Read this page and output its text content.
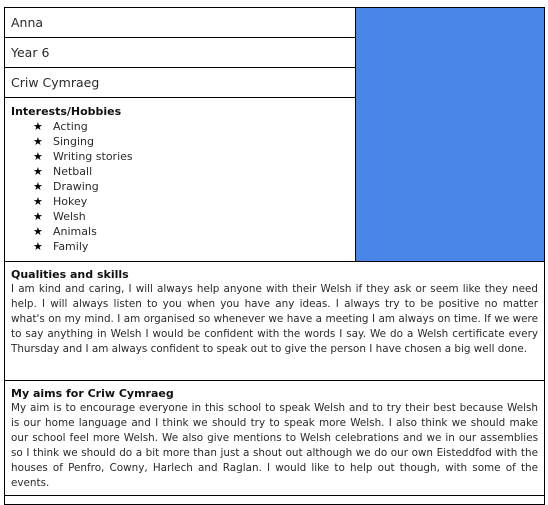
Anna

Year 6

Criw Cymraeg

Interests/Hobbies
★ Acting
★ Singing
★ Writing stories
★ Netball
★ Drawing
★ Hokey
★ Welsh
★ Animals
★ Family

Qualities and skills

I am kind and caring, I will always help anyone with their Welsh if they ask or seem like they need help. I will always listen to you when you have any ideas. I always try to be positive no matter what's on my mind. I am organised so whenever we have a meeting I am always on time. If we were to say anything in Welsh I would be confident with the words I say. We do a Welsh certificate every Thursday and I am always confident to speak out to give the person I have chosen a big well done.

My aims for Criw Cymraeg

My aim is to encourage everyone in this school to speak Welsh and to try their best because Welsh is our home language and I think we should try to speak more Welsh. I also think we should make our school feel more Welsh. We also give mentions to Welsh celebrations and we in our assemblies so I think we should do a bit more than just a shout out although we do our own Eisteddfod with the houses of Penfro, Cowny, Harlech and Raglan. I would like to help out though, with some of the events.
